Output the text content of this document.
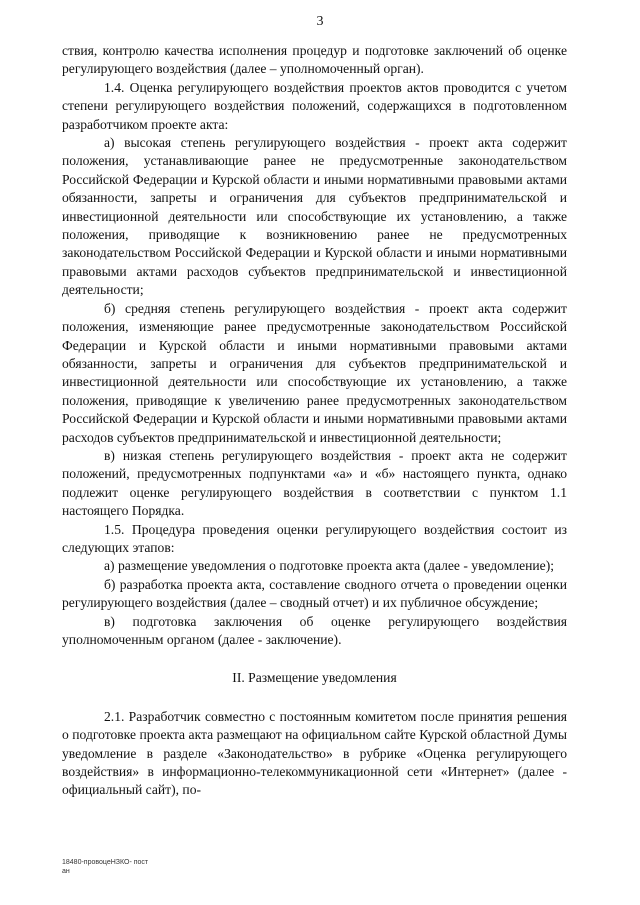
3

ствия, контролю качества исполнения процедур и подготовке заключений об оценке регулирующего воздействия (далее – уполномоченный орган).

1.4. Оценка регулирующего воздействия проектов актов проводится с учетом степени регулирующего воздействия положений, содержащихся в подготовленном разработчиком проекте акта:

а) высокая степень регулирующего воздействия - проект акта содержит положения, устанавливающие ранее не предусмотренные законодательством Российской Федерации и Курской области и иными нормативными правовыми актами обязанности, запреты и ограничения для субъектов предпринимательской и инвестиционной деятельности или способствующие их установлению, а также положения, приводящие к возникновению ранее не предусмотренных законодательством Российской Федерации и Курской области и иными нормативными правовыми актами расходов субъектов предпринимательской и инвестиционной деятельности;

б) средняя степень регулирующего воздействия - проект акта содержит положения, изменяющие ранее предусмотренные законодательством Российской Федерации и Курской области и иными нормативными правовыми актами обязанности, запреты и ограничения для субъектов предпринимательской и инвестиционной деятельности или способствующие их установлению, а также положения, приводящие к увеличению ранее предусмотренных законодательством Российской Федерации и Курской области и иными нормативными правовыми актами расходов субъектов предпринимательской и инвестиционной деятельности;

в) низкая степень регулирующего воздействия - проект акта не содержит положений, предусмотренных подпунктами «а» и «б» настоящего пункта, однако подлежит оценке регулирующего воздействия в соответствии с пунктом 1.1 настоящего Порядка.

1.5. Процедура проведения оценки регулирующего воздействия состоит из следующих этапов:

а) размещение уведомления о подготовке проекта акта (далее - уведомление);

б) разработка проекта акта, составление сводного отчета о проведении оценки регулирующего воздействия (далее – сводный отчет) и их публичное обсуждение;

в) подготовка заключения об оценке регулирующего воздействия уполномоченным органом (далее - заключение).

II. Размещение уведомления

2.1. Разработчик совместно с постоянным комитетом после принятия решения о подготовке проекта акта размещают на официальном сайте Курской областной Думы уведомление в разделе «Законодательство» в рубрике «Оценка регулирующего воздействия» в информационно-телекоммуникационной сети «Интернет» (далее - официальный сайт), по-

18480-провоцеНЗКО- пост
ан
